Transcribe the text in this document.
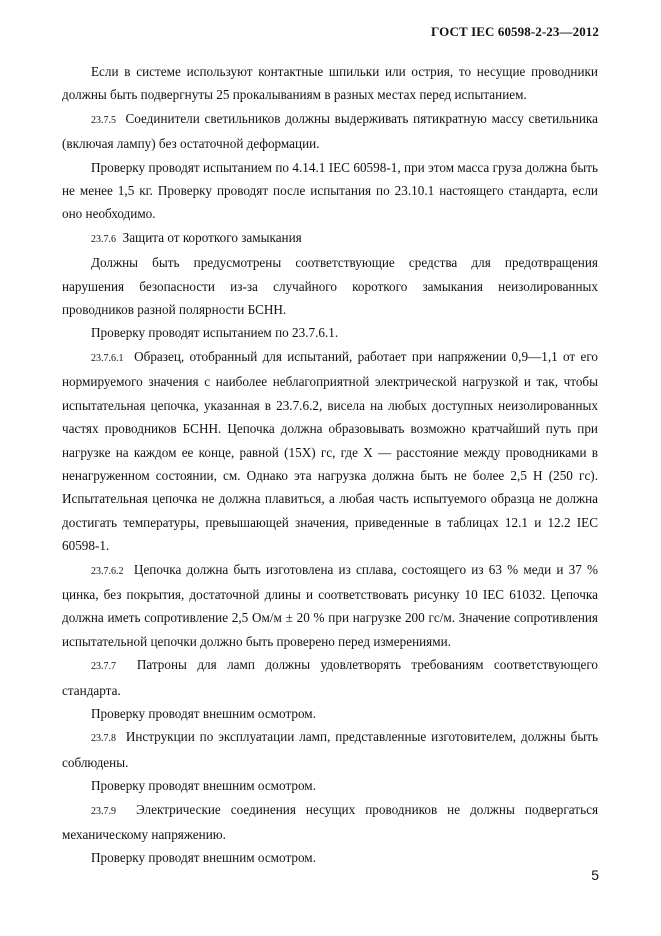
ГОСТ IEC 60598-2-23—2012

Если в системе используют контактные шпильки или острия, то несущие проводники должны быть подвергнуты 25 прокалываниям в разных местах перед испытанием.

23.7.5 Соединители светильников должны выдерживать пятикратную массу светильника (включая лампу) без остаточной деформации.

Проверку проводят испытанием по 4.14.1 IEC 60598-1, при этом масса груза должна быть не менее 1,5 кг. Проверку проводят после испытания по 23.10.1 настоящего стандарта, если оно необходимо.

23.7.6 Защита от короткого замыкания

Должны быть предусмотрены соответствующие средства для предотвращения нарушения безопасности из-за случайного короткого замыкания неизолированных проводников разной полярности БСНН.

Проверку проводят испытанием по 23.7.6.1.

23.7.6.1 Образец, отобранный для испытаний, работает при напряжении 0,9—1,1 от его нормируемого значения с наиболее неблагоприятной электрической нагрузкой и так, чтобы испытательная цепочка, указанная в 23.7.6.2, висела на любых доступных неизолированных частях проводников БСНН. Цепочка должна образовывать возможно кратчайший путь при нагрузке на каждом ее конце, равной (15Х) гс, где Х — расстояние между проводниками в ненагруженном состоянии, см. Однако эта нагрузка должна быть не более 2,5 Н (250 гс). Испытательная цепочка не должна плавиться, а любая часть испытуемого образца не должна достигать температуры, превышающей значения, приведенные в таблицах 12.1 и 12.2 IEC 60598-1.

23.7.6.2 Цепочка должна быть изготовлена из сплава, состоящего из 63 % меди и 37 % цинка, без покрытия, достаточной длины и соответствовать рисунку 10 IEC 61032. Цепочка должна иметь сопротивление 2,5 Ом/м ± 20 % при нагрузке 200 гс/м. Значение сопротивления испытательной цепочки должно быть проверено перед измерениями.

23.7.7 Патроны для ламп должны удовлетворять требованиям соответствующего стандарта.

Проверку проводят внешним осмотром.

23.7.8 Инструкции по эксплуатации ламп, представленные изготовителем, должны быть соблюдены.

Проверку проводят внешним осмотром.

23.7.9 Электрические соединения несущих проводников не должны подвергаться механическому напряжению.

Проверку проводят внешним осмотром.

5
